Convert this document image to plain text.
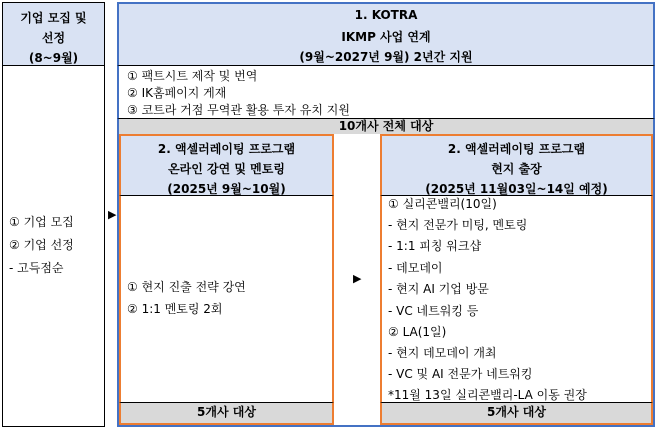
기업 모집 및
선정
(8~9월)
① 기업 모집
② 기업 선정
- 고득점순
▶
1. KOTRA
IKMP 사업 연계
(9월~2027년 9월) 2년간 지원
① 팩트시트 제작 및 번역
② IK홈페이지 게재
③ 코트라 거점 무역관 활용 투자 유치 지원
10개사 전체 대상
2. 액셀러레이팅 프로그램
온라인 강연 및 멘토링
(2025년 9월~10월)
① 현지 진출 전략 강연
② 1:1 멘토링 2회
5개사 대상
▶
2. 액셀러레이팅 프로그램
현지 출장
(2025년 11월03일~14일 예정)
① 실리콘밸리(10일)
- 현지 전문가 미팅, 멘토링
- 1:1 피칭 워크샵
- 데모데이
- 현지 AI 기업 방문
- VC 네트워킹 등
② LA(1일)
- 현지 데모데이 개최
- VC 및 AI 전문가 네트워킹
*11월 13일 실리콘밸리-LA 이동 권장
5개사 대상
